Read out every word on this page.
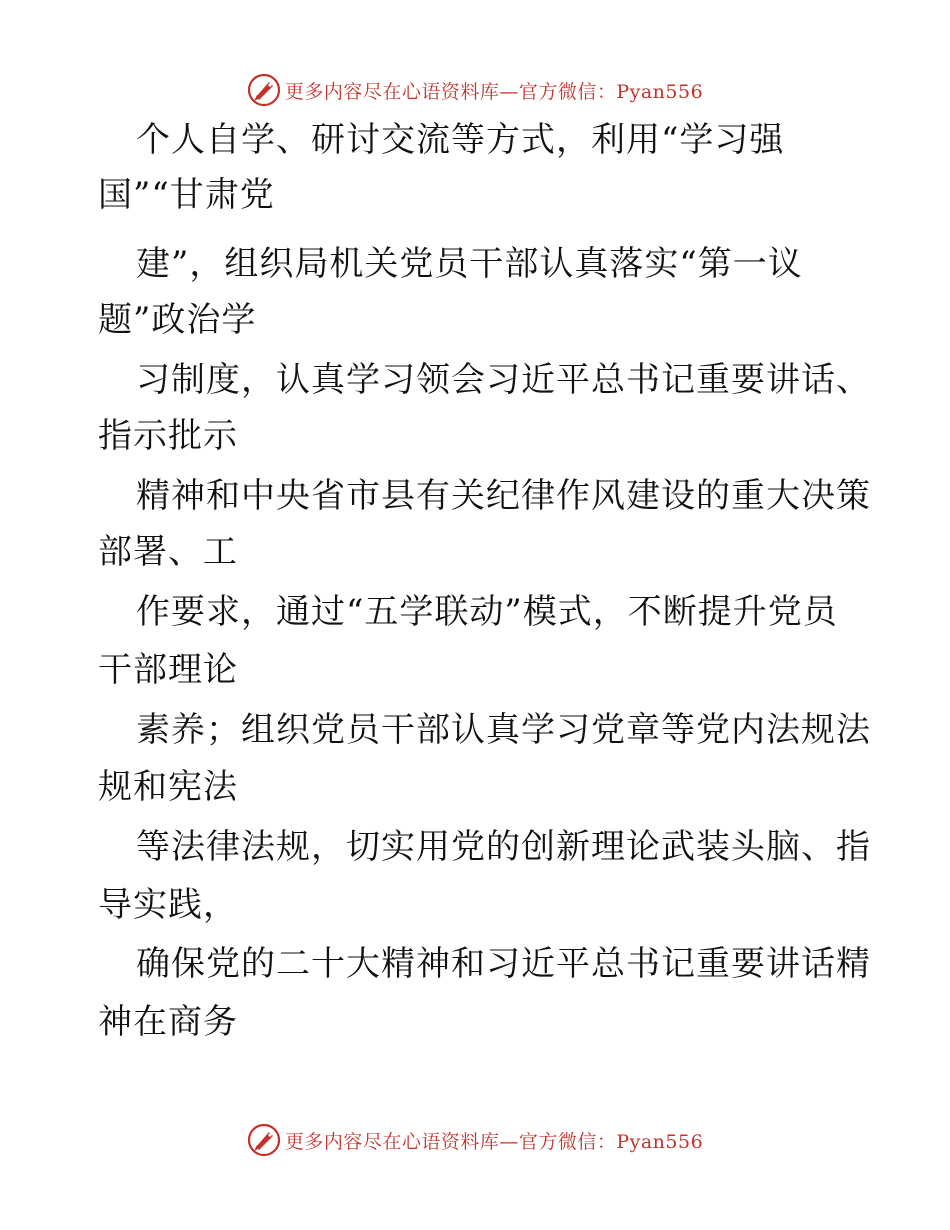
更多内容尽在心语资料库—官方微信：Pyan556
个人自学、研讨交流等方式，利用“学习强
国”“甘肃党
建”，组织局机关党员干部认真落实“第一议
题”政治学
习制度，认真学习领会习近平总书记重要讲话、
指示批示
精神和中央省市县有关纪律作风建设的重大决策
部署、工
作要求，通过“五学联动”模式，不断提升党员
干部理论
素养；组织党员干部认真学习党章等党内法规法
规和宪法
等法律法规，切实用党的创新理论武装头脑、指
导实践，
确保党的二十大精神和习近平总书记重要讲话精
神在商务
更多内容尽在心语资料库—官方微信：Pyan556
